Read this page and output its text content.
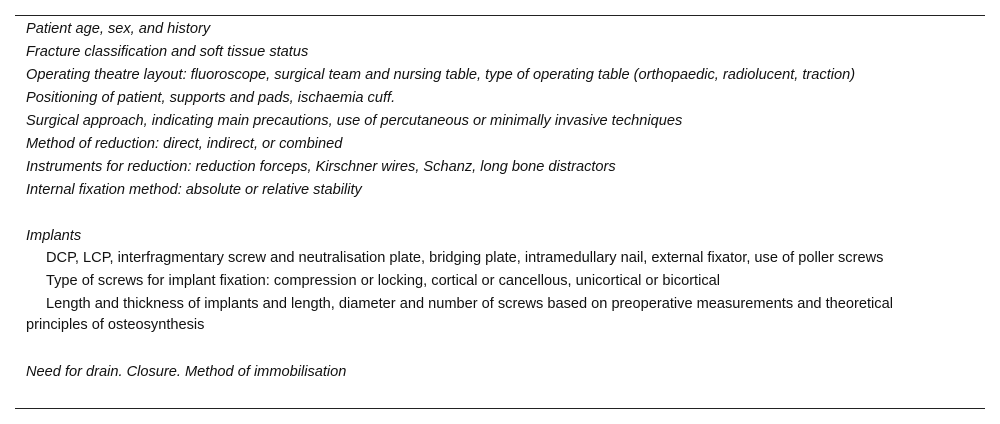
Patient age, sex, and history
Fracture classification and soft tissue status
Operating theatre layout: fluoroscope, surgical team and nursing table, type of operating table (orthopaedic, radiolucent, traction)
Positioning of patient, supports and pads, ischaemia cuff.
Surgical approach, indicating main precautions, use of percutaneous or minimally invasive techniques
Method of reduction: direct, indirect, or combined
Instruments for reduction: reduction forceps, Kirschner wires, Schanz, long bone distractors
Internal fixation method: absolute or relative stability
Implants
DCP, LCP, interfragmentary screw and neutralisation plate, bridging plate, intramedullary nail, external fixator, use of poller screws
Type of screws for implant fixation: compression or locking, cortical or cancellous, unicortical or bicortical
Length and thickness of implants and length, diameter and number of screws based on preoperative measurements and theoretical principles of osteosynthesis
Need for drain. Closure. Method of immobilisation
